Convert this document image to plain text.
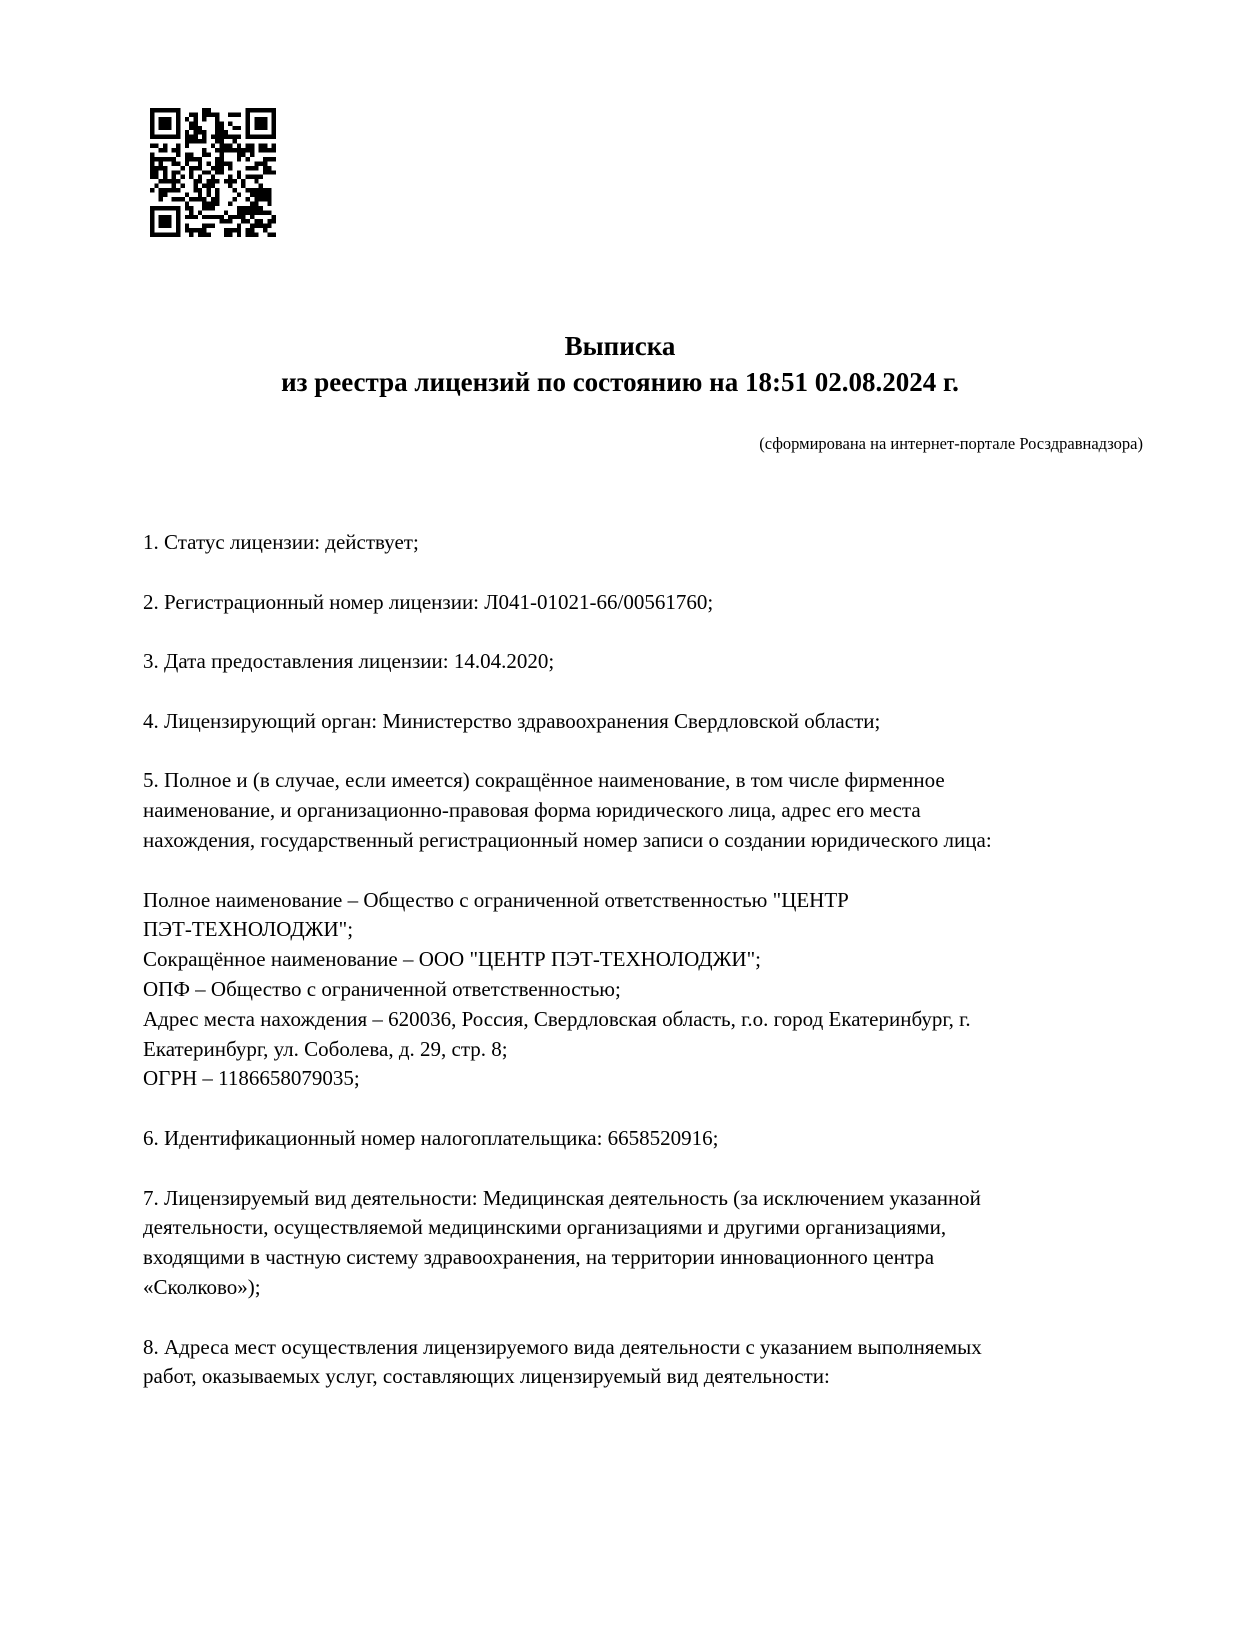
Выписка
из реестра лицензий по состоянию на 18:51 02.08.2024 г.
(сформирована на интернет-портале Росздравнадзора)
1. Статус лицензии: действует;
2. Регистрационный номер лицензии: Л041-01021-66/00561760;
3. Дата предоставления лицензии: 14.04.2020;
4. Лицензирующий орган: Министерство здравоохранения Свердловской области;
5. Полное и (в случае, если имеется) сокращённое наименование, в том числе фирменное
наименование, и организационно-правовая форма юридического лица, адрес его места
нахождения, государственный регистрационный номер записи о создании юридического лица:
Полное наименование – Общество с ограниченной ответственностью "ЦЕНТР
ПЭТ-ТЕХНОЛОДЖИ";
Сокращённое наименование – ООО "ЦЕНТР ПЭТ-ТЕХНОЛОДЖИ";
ОПФ – Общество с ограниченной ответственностью;
Адрес места нахождения – 620036, Россия, Свердловская область, г.о. город Екатеринбург, г.
Екатеринбург, ул. Соболева, д. 29, стр. 8;
ОГРН – 1186658079035;
6. Идентификационный номер налогоплательщика: 6658520916;
7. Лицензируемый вид деятельности: Медицинская деятельность (за исключением указанной
деятельности, осуществляемой медицинскими организациями и другими организациями,
входящими в частную систему здравоохранения, на территории инновационного центра
«Сколково»);
8. Адреса мест осуществления лицензируемого вида деятельности с указанием выполняемых
работ, оказываемых услуг, составляющих лицензируемый вид деятельности:
